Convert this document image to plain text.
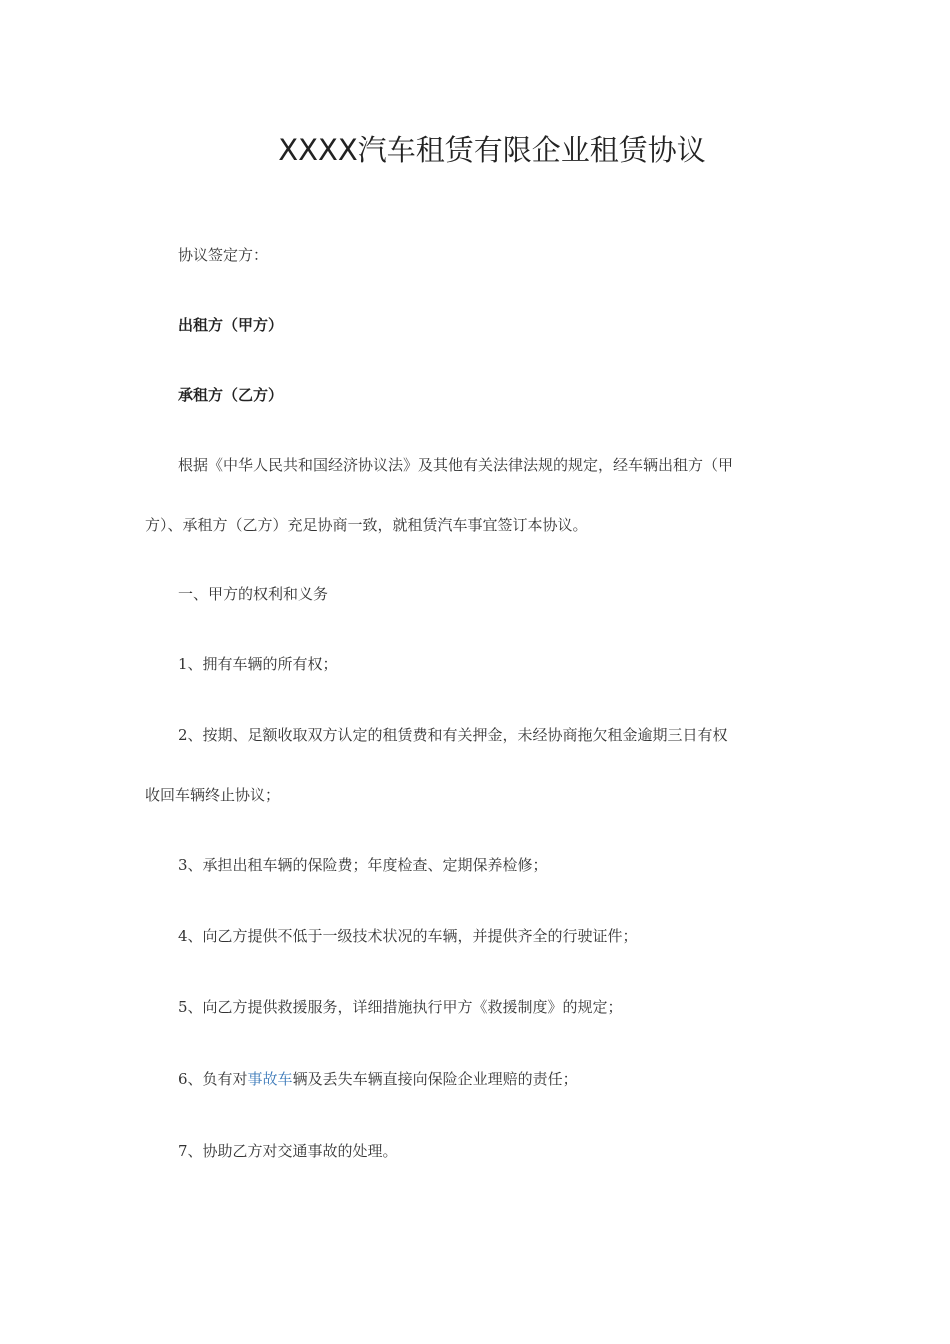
XXXX汽车租赁有限企业租赁协议

协议签定方：

出租方（甲方）

承租方（乙方）

根据《中华人民共和国经济协议法》及其他有关法律法规的规定，经车辆出租方（甲

方）、承租方（乙方）充足协商一致，就租赁汽车事宜签订本协议。

一、甲方的权利和义务

1、拥有车辆的所有权；

2、按期、足额收取双方认定的租赁费和有关押金，未经协商拖欠租金逾期三日有权

收回车辆终止协议；

3、承担出租车辆的保险费；年度检查、定期保养检修；

4、向乙方提供不低于一级技术状况的车辆，并提供齐全的行驶证件；

5、向乙方提供救援服务，详细措施执行甲方《救援制度》的规定；

6、负有对事故车辆及丢失车辆直接向保险企业理赔的责任；

7、协助乙方对交通事故的处理。
